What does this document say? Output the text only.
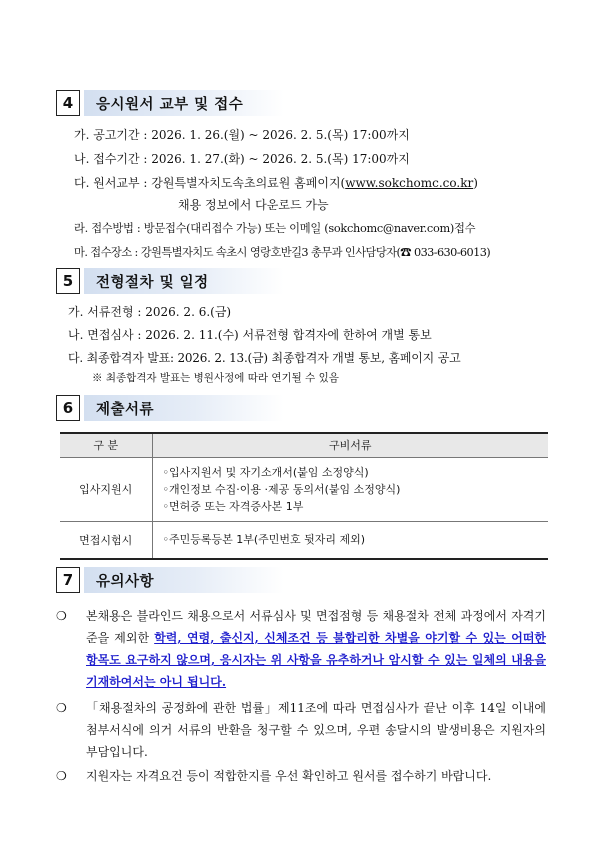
4	응시원서 교부 및 접수
가. 공고기간 : 2026. 1. 26.(월) ~ 2026. 2. 5.(목) 17:00까지
나. 접수기간 : 2026. 1. 27.(화) ~ 2026. 2. 5.(목) 17:00까지
다. 원서교부 : 강원특별자치도속초의료원 홈페이지(www.sokchomc.co.kr)
채용 정보에서 다운로드 가능
라. 접수방법 : 방문접수(대리접수 가능) 또는 이메일 (sokchomc@naver.com)접수
마. 접수장소 : 강원특별자치도 속초시 영랑호반길3 총무과 인사담당자(☎ 033-630-6013)
5	전형절차 및 일정
가. 서류전형 : 2026. 2. 6.(금)
나. 면접심사 : 2026. 2. 11.(수) 서류전형 합격자에 한하여 개별 통보
다. 최종합격자 발표: 2026. 2. 13.(금) 최종합격자 개별 통보, 홈페이지 공고
※ 최종합격자 발표는 병원사정에 따라 연기될 수 있음
6	제출서류
구 분	구비서류
입사지원시	◦입사지원서 및 자기소개서(붙임 소정양식)
◦개인정보 수집·이용 ·제공 동의서(붙임 소정양식)
◦면허증 또는 자격증사본 1부

면접시험시	◦주민등록등본 1부(주민번호 뒷자리 제외)
7	유의사항
❍ 본채용은 블라인드 채용으로서 서류심사 및 면접점형 등 채용절차 전체 과정에서 자격기준을 제외한 학력, 연령, 출신지, 신체조건 등 불합리한 차별을 야기할 수 있는 어떠한 항목도 요구하지 않으며, 응시자는 위 사항을 유추하거나 암시할 수 있는 일체의 내용을 기재하여서는 아니 됩니다.
❍ 「채용절차의 공정화에 관한 법률」제11조에 따라 면접심사가 끝난 이후 14일 이내에 첨부서식에 의거 서류의 반환을 청구할 수 있으며, 우편 송달시의 발생비용은 지원자의 부담입니다.
❍ 지원자는 자격요건 등이 적합한지를 우선 확인하고 원서를 접수하기 바랍니다.
